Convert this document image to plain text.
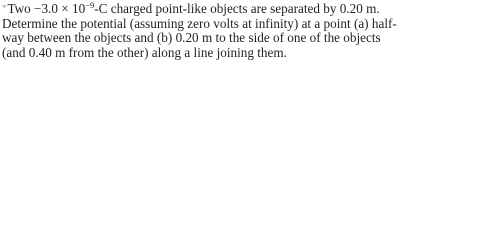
$*Two -3.0 \times 10^{-9}-C$ charged point-like objects are separated by 0.20 m.
Determine the potential (assuming zero volts at infinity) at a point (a) half-
way between the objects and (b) 0.20 m to the side of one of the objects
(and 0.40 m from the other) along a line joining them.
